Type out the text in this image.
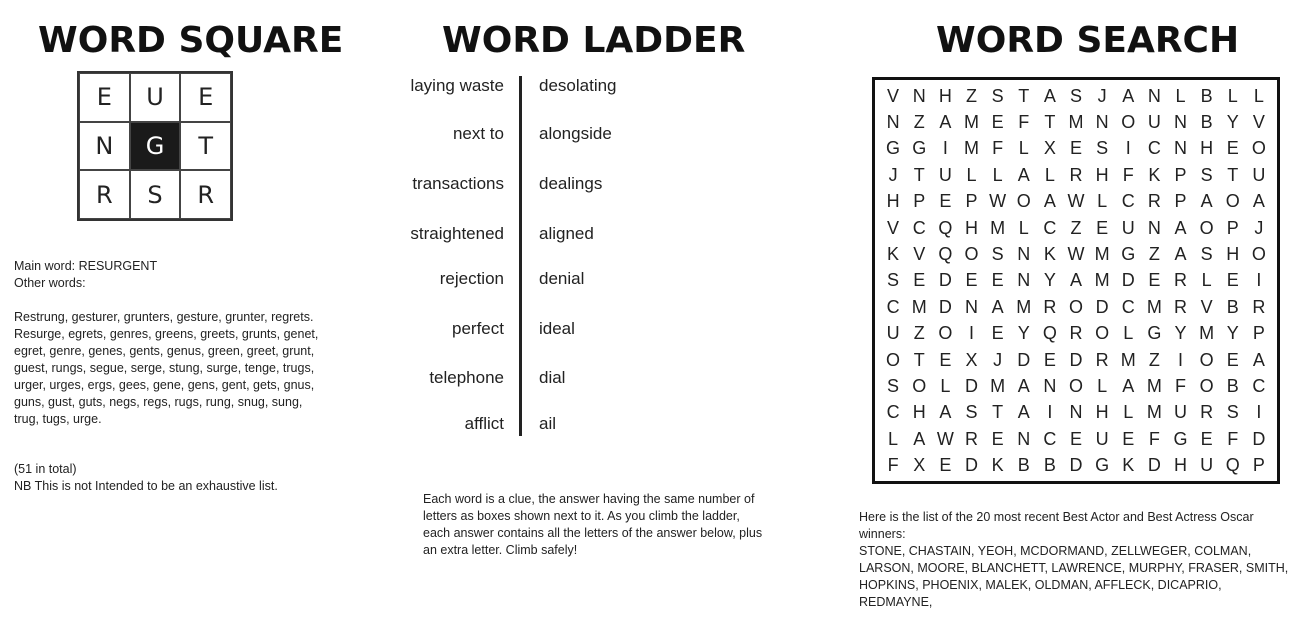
WORD SQUARE
E	U	E
N	G	T
R	S	R
Main word: RESURGENT
Other words:
Restrung, gesturer, grunters, gesture, grunter, regrets. Resurge, egrets, genres, greens, greets, grunts, genet, egret, genre, genes, gents, genus, green, greet, grunt, guest, rungs, segue, serge, stung, surge, tenge, trugs, urger, urges, ergs, gees, gene, gens, gent, gets, gnus, guns, gust, guts, negs, regs, rugs, rung, snug, sung, trug, tugs, urge.
(51 in total)
NB This is not Intended to be an exhaustive list.
WORD LADDER
laying waste desolating
next to alongside
transactions dealings
straightened aligned
rejection denial
perfect ideal
telephone dial
afflict ail
Each word is a clue, the answer having the same number of letters as boxes shown next to it. As you climb the ladder, each answer contains all the letters of the answer below, plus an extra letter. Climb safely!
WORD SEARCH
V N H Z S T A S J A N L B L L
N Z A M E F T M N O U N B Y V
G G I M F L X E S I C N H E O
J T U L L A L R H F K P S T U
H P E P W O A W L C R P A O A
V C Q H M L C Z E U N A O P J
K V Q O S N K W M G Z A S H O
S E D E E N Y A M D E R L E I
C M D N A M R O D C M R V B R
U Z O I E Y Q R O L G Y M Y P
O T E X J D E D R M Z	I O E A
S O L D M A N O L A M F O B C
C H A S T A I N H L M U R S I
L A W R E N C E U E F G E F D
F X E D K B B D G K D H U Q P
Here is the list of the 20 most recent Best Actor and Best Actress Oscar winners:
STONE, CHASTAIN, YEOH, MCDORMAND, ZELLWEGER, COLMAN, LARSON, MOORE, BLANCHETT, LAWRENCE, MURPHY, FRASER, SMITH, HOPKINS, PHOENIX, MALEK, OLDMAN, AFFLECK, DICAPRIO, REDMAYNE,
